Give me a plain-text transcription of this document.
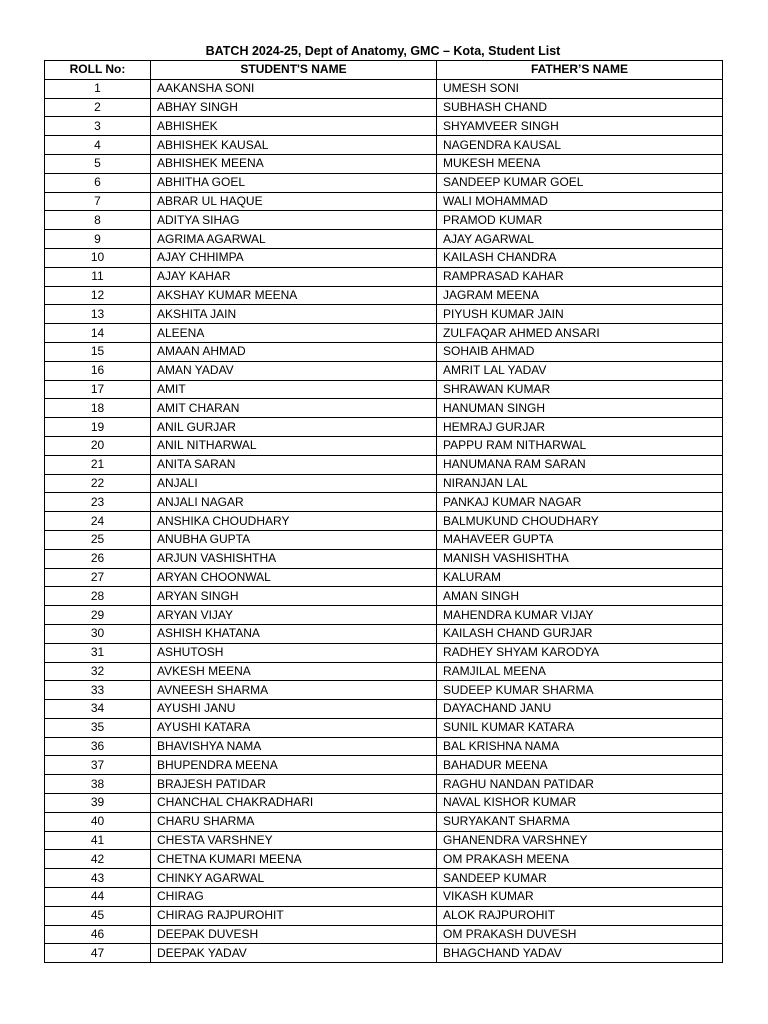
BATCH 2024-25, Dept of Anatomy, GMC – Kota, Student List
ROLL No:	STUDENT'S NAME	FATHER’S NAME
1	AAKANSHA SONI	UMESH SONI
2	ABHAY SINGH	SUBHASH CHAND
3	ABHISHEK	SHYAMVEER SINGH
4	ABHISHEK KAUSAL	NAGENDRA KAUSAL
5	ABHISHEK MEENA	MUKESH MEENA
6	ABHITHA GOEL	SANDEEP KUMAR GOEL
7	ABRAR UL HAQUE	WALI MOHAMMAD
8	ADITYA SIHAG	PRAMOD KUMAR
9	AGRIMA AGARWAL	AJAY AGARWAL
10	AJAY CHHIMPA	KAILASH CHANDRA
11	AJAY KAHAR	RAMPRASAD KAHAR
12	AKSHAY KUMAR MEENA	JAGRAM MEENA
13	AKSHITA JAIN	PIYUSH KUMAR JAIN
14	ALEENA	ZULFAQAR AHMED ANSARI
15	AMAAN AHMAD	SOHAIB AHMAD
16	AMAN YADAV	AMRIT LAL YADAV
17	AMIT	SHRAWAN KUMAR
18	AMIT CHARAN	HANUMAN SINGH
19	ANIL GURJAR	HEMRAJ GURJAR
20	ANIL NITHARWAL	PAPPU RAM NITHARWAL
21	ANITA SARAN	HANUMANA RAM SARAN
22	ANJALI	NIRANJAN LAL
23	ANJALI NAGAR	PANKAJ KUMAR NAGAR
24	ANSHIKA CHOUDHARY	BALMUKUND CHOUDHARY
25	ANUBHA GUPTA	MAHAVEER GUPTA
26	ARJUN VASHISHTHA	MANISH VASHISHTHA
27	ARYAN CHOONWAL	KALURAM
28	ARYAN SINGH	AMAN SINGH
29	ARYAN VIJAY	MAHENDRA KUMAR VIJAY
30	ASHISH KHATANA	KAILASH CHAND GURJAR
31	ASHUTOSH	RADHEY SHYAM KARODYA
32	AVKESH MEENA	RAMJILAL MEENA
33	AVNEESH SHARMA	SUDEEP KUMAR SHARMA
34	AYUSHI JANU	DAYACHAND JANU
35	AYUSHI KATARA	SUNIL KUMAR KATARA
36	BHAVISHYA NAMA	BAL KRISHNA NAMA
37	BHUPENDRA MEENA	BAHADUR MEENA
38	BRAJESH PATIDAR	RAGHU NANDAN PATIDAR
39	CHANCHAL CHAKRADHARI	NAVAL KISHOR KUMAR
40	CHARU SHARMA	SURYAKANT SHARMA
41	CHESTA VARSHNEY	GHANENDRA VARSHNEY
42	CHETNA KUMARI MEENA	OM PRAKASH MEENA
43	CHINKY AGARWAL	SANDEEP KUMAR
44	CHIRAG	VIKASH KUMAR
45	CHIRAG RAJPUROHIT	ALOK RAJPUROHIT
46	DEEPAK DUVESH	OM PRAKASH DUVESH
47	DEEPAK YADAV	BHAGCHAND YADAV
